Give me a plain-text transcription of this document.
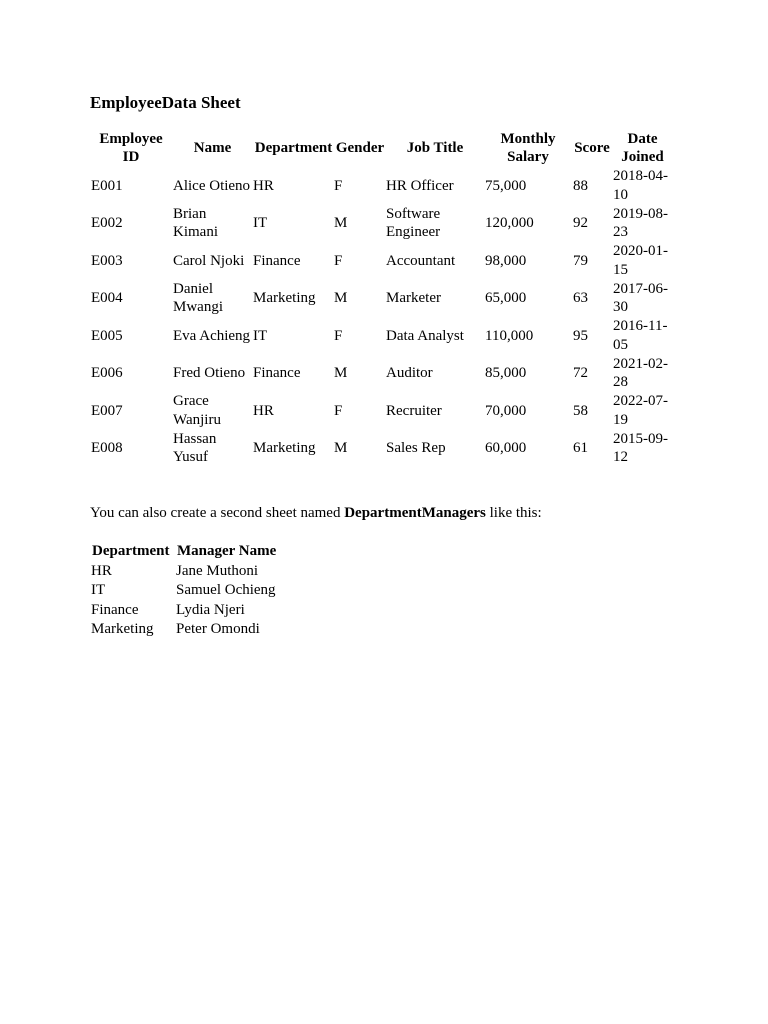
EmployeeData Sheet
Employee ID	Name	Department	Gender	Job Title	Monthly Salary	Score	Date Joined
E001	Alice Otieno	HR	F	HR Officer	75,000	88	2018-04-10
E002	Brian Kimani	IT	M	Software Engineer	120,000	92	2019-08-23
E003	Carol Njoki	Finance	F	Accountant	98,000	79	2020-01-15
E004	Daniel Mwangi	Marketing	M	Marketer	65,000	63	2017-06-30
E005	Eva Achieng	IT	F	Data Analyst	110,000	95	2016-11-05
E006	Fred Otieno	Finance	M	Auditor	85,000	72	2021-02-28
E007	Grace Wanjiru	HR	F	Recruiter	70,000	58	2022-07-19
E008	Hassan Yusuf	Marketing	M	Sales Rep	60,000	61	2015-09-12

You can also create a second sheet named DepartmentManagers like this:

Department	Manager Name
HR	Jane Muthoni
IT	Samuel Ochieng
Finance	Lydia Njeri
Marketing	Peter Omondi
